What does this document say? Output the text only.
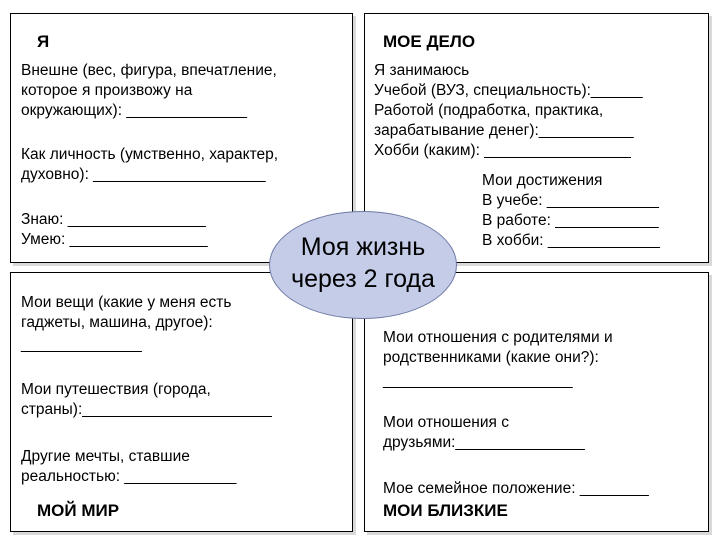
Я
Внешне (вес, фигура, впечатление,
которое я произвожу на
окружающих): ______________
Как личность (умственно, характер,
духовно): ____________________
Знаю: ________________
Умею: ________________
МОЕ ДЕЛО
Я занимаюсь
Учебой (ВУЗ, специальность):______
Работой (подработка, практика,
зарабатывание денег):___________
Хобби (каким): _________________
Мои достижения
В учебе: _____________
В работе: ____________
В хобби: _____________
Мои вещи (какие у меня есть
гаджеты, машина, другое):
______________
Мои путешествия (города,
страны):______________________
Другие мечты, ставшие
реальностью: _____________
МОЙ МИР
Мои отношения с родителями и
родственниками (какие они?):
______________________
Мои отношения с
друзьями:_______________
Мое семейное положение: ________
МОИ БЛИЗКИЕ
Моя жизнь
через 2 года
